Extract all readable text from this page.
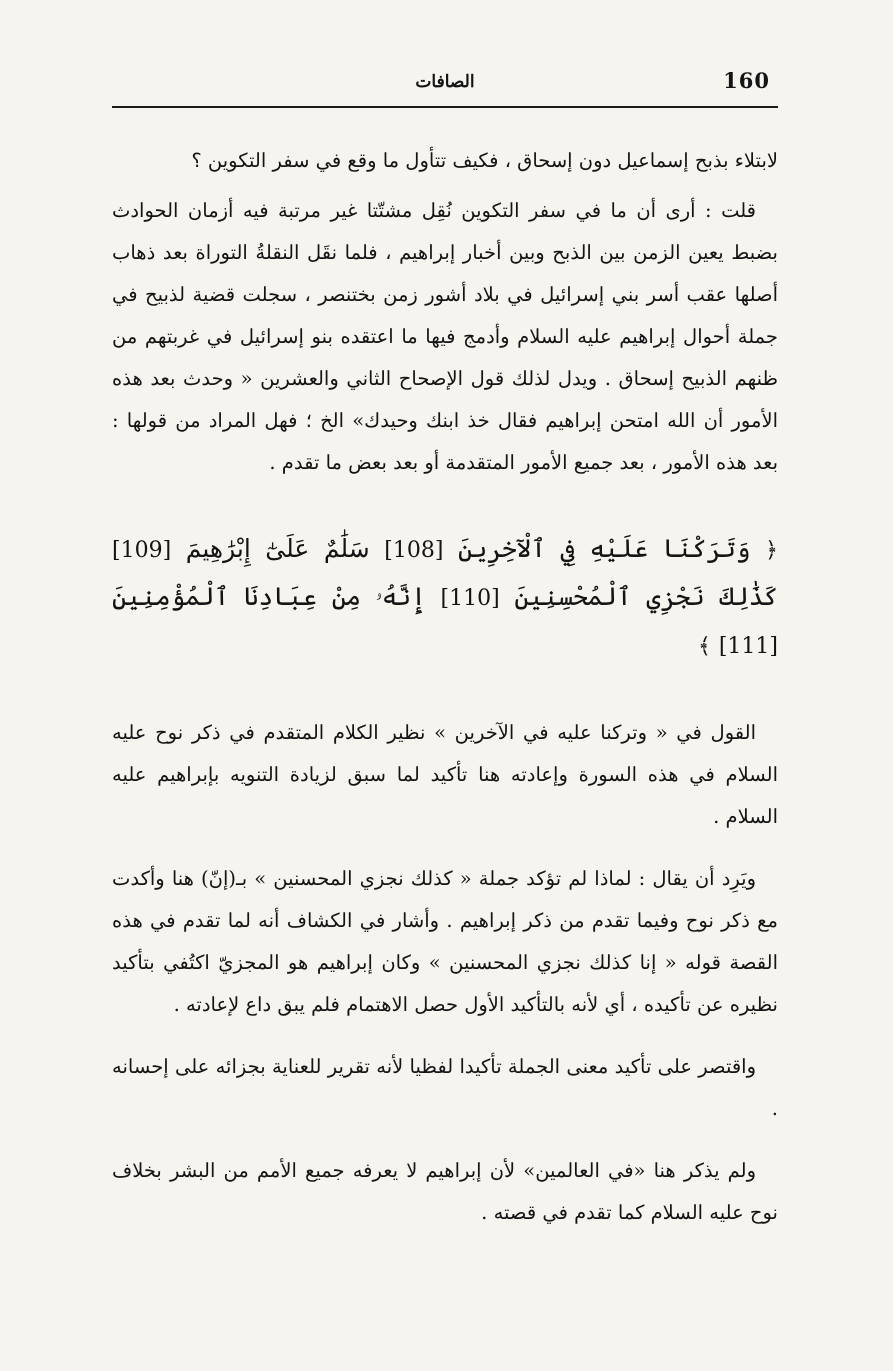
160
الصافات

لابتلاء بذبح إسماعيل دون إسحاق ، فكيف تتأول ما وقع في سفر التكوين ؟

قلت : أرى أن ما في سفر التكوين نُقِل مشتّتا غير مرتبة فيه أزمان الحوادث بضبط يعين الزمن بين الذبح وبين أخبار إبراهيم ، فلما نقَل النقلةُ التوراة بعد ذهاب أصلها عقب أسر بني إسرائيل في بلاد أشور زمن بختنصر ، سجلت قضية لذبيح في جملة أحوال إبراهيم عليه السلام وأدمج فيها ما اعتقده بنو إسرائيل في غربتهم من ظنهم الذبيح إسحاق . ويدل لذلك قول الإصحاح الثاني والعشرين « وحدث بعد هذه الأمور أن الله امتحن إبراهيم فقال خذ ابنك وحيدك» الخ ؛ فهل المراد من قولها : بعد هذه الأمور ، بعد جميع الأمور المتقدمة أو بعد بعض ما تقدم .

﴿ وَتَرَكْنَا عَلَيْهِ فِي ٱلْآخِرِينَ [108] سَلَٰمٌ عَلَىٰٓ إِبْرَٰهِيمَ [109]

كَذَٰلِكَ نَجْزِي ٱلْمُحْسِنِينَ [110] إِنَّهُۥ مِنْ عِبَادِنَا ٱلْمُؤْمِنِينَ [111] ﴾

القول في « وتركنا عليه في الآخرين » نظير الكلام المتقدم في ذكر نوح عليه السلام في هذه السورة وإعادته هنا تأكيد لما سبق لزيادة التنويه بإبراهيم عليه السلام .

ويَرِد أن يقال : لماذا لم تؤكد جملة « كذلك نجزي المحسنين » بـ(إنّ) هنا وأكدت مع ذكر نوح وفيما تقدم من ذكر إبراهيم . وأشار في الكشاف أنه لما تقدم في هذه القصة قوله « إنا كذلك نجزي المحسنين » وكان إبراهيم هو المجزيّ اكتُفي بتأكيد نظيره عن تأكيده ، أي لأنه بالتأكيد الأول حصل الاهتمام فلم يبق داع لإعادته .

واقتصر على تأكيد معنى الجملة تأكيدا لفظيا لأنه تقرير للعناية بجزائه على إحسانه .

ولم يذكر هنا «في العالمين» لأن إبراهيم لا يعرفه جميع الأمم من البشر بخلاف نوح عليه السلام كما تقدم في قصته .
